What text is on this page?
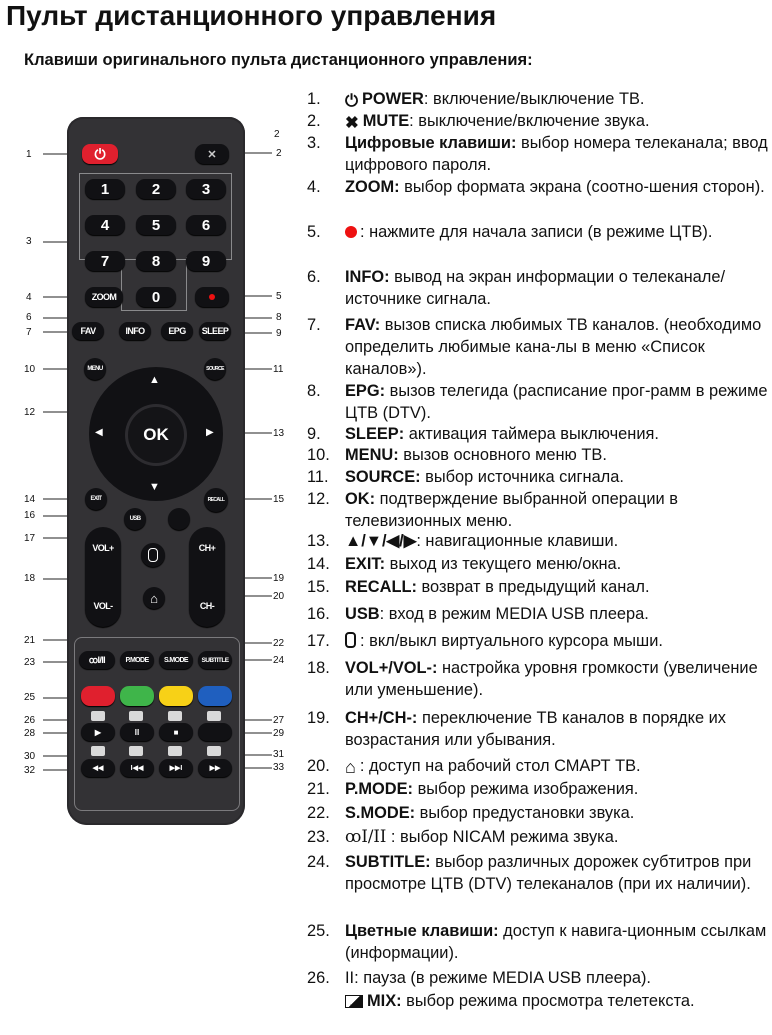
Пульт дистанционного управления
Клавиши оригинального пульта дистанционного управления:
1
2
2
3
4	5
6
7
8
9
10	11
12
13
14	15
16
17
18	19
20
21	22
23	24
25
26	27
28	29
30	31
32	33
⏻	✕
1	2	3
4	5	6
7	8	9
0
ZOOM
FAV	INFO	EPG SLEEP
MENU	SOURCE
OK
▲
▼
◀	▶
EXIT	RECALL
USB
VOL+
VOL-
⌂
CH+
CH-
ꝏI/II	P.MODE S.MODE SUBTITLE
▶	II	■
◀◀	I◀◀	▶▶I	▶▶
1. ⏻ POWER: включение/выключение ТВ.
2. ✖ MUTE: выключение/включение звука.
3. Цифровые клавиши: выбор номера телеканала; ввод цифрового пароля.
4. ZOOM: выбор формата экрана (соотно-шения сторон).
5.	: нажмите для начала записи (в режиме ЦТВ).
6. INFO: вывод на экран информации о телеканале/источнике сигнала.
7. FAV: вызов списка любимых ТВ каналов. (необходимо определить любимые кана-лы в меню «Список каналов»).
8. EPG: вызов телегида (расписание прог-рамм в режиме ЦТВ (DTV).
9. SLEEP: активация таймера выключения.
10. MENU: вызов основного меню ТВ.
11. SOURCE: выбор источника сигнала.
12. OK: подтверждение выбранной операции в телевизионных меню.
13. ▲/▼/◀/▶: навигационные клавиши.
14. EXIT: выход из текущего меню/окна.
15. RECALL: возврат в предыдущий канал.
16. USB: вход в режим MEDIA USB плеера.
17.	: вкл/выкл виртуального курсора мыши.
18. VOL+/VOL-: настройка уровня громкости (увеличение или уменьшение).
19. CH+/CH-: переключение ТВ каналов в порядке их возрастания или убывания.
20. ⌂ : доступ на рабочий стол СМАРТ ТВ.
21. P.MODE: выбор режима изображения.
22. S.MODE: выбор предустановки звука.
23. ꝏI/II : выбор NICAM режима звука.
24. SUBTITLE: выбор различных дорожек субтитров при просмотре ЦТВ (DTV) телеканалов (при их наличии).
25. Цветные клавиши: доступ к навига-ционным ссылкам (информации).
26. II: пауза (в режиме MEDIA USB плеера).
MIX: выбор режима просмотра телетекста.
